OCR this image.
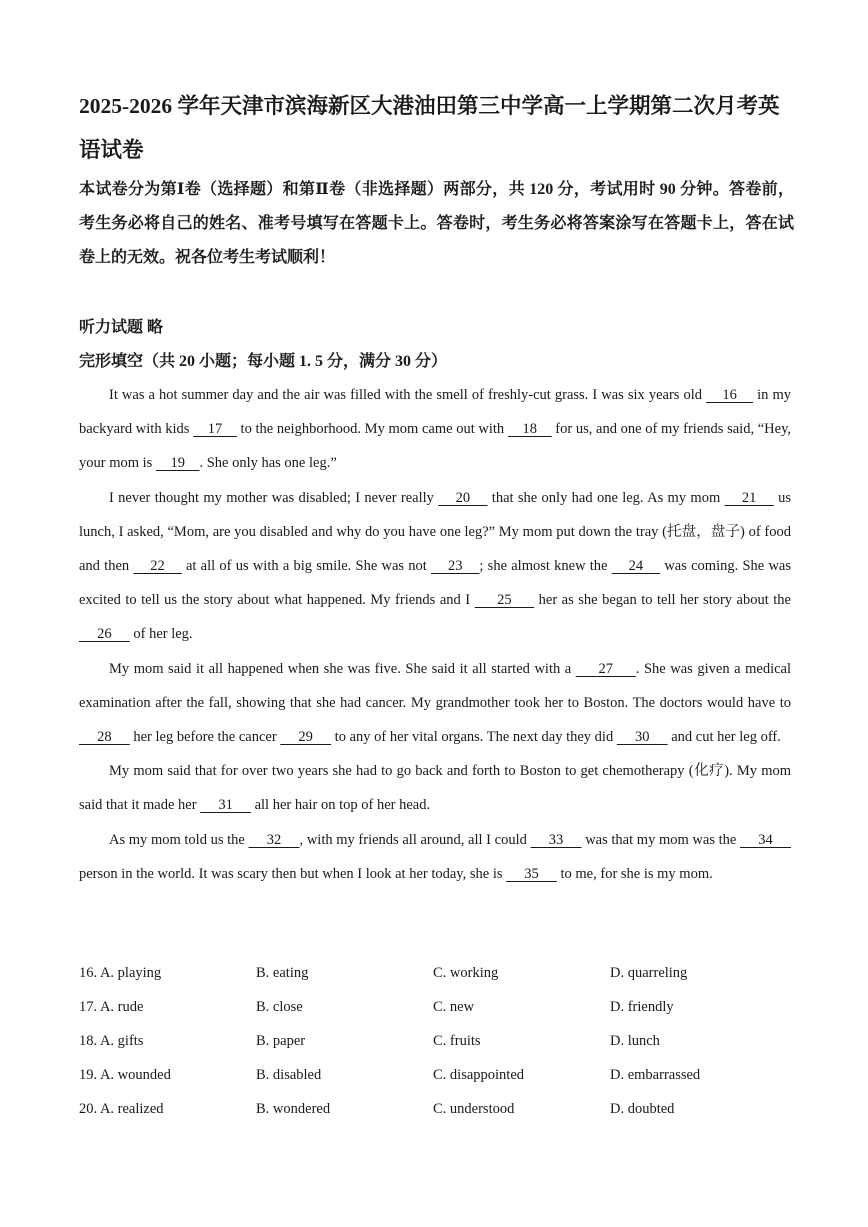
2025-2026 学年天津市滨海新区大港油田第三中学高一上学期第二次月考英语试卷

本试卷分为第Ⅰ卷（选择题）和第Ⅱ卷（非选择题）两部分，共 120 分，考试用时 90 分钟。答卷前，考生务必将自己的姓名、准考号填写在答题卡上。答卷时，考生务必将答案涂写在答题卡上，答在试卷上的无效。祝各位考生考试顺利！

听力试题 略

完形填空（共 20 小题；每小题 1. 5 分，满分 30 分）

It was a hot summer day and the air was filled with the smell of freshly-cut grass. I was six years old     16     in my backyard with kids     17     to the neighborhood. My mom came out with     18     for us, and one of my friends said, “Hey, your mom is     19    . She only has one leg.”

I never thought my mother was disabled; I never really     20     that she only had one leg. As my mom     21     us lunch, I asked, “Mom, are you disabled and why do you have one leg?” My mom put down the tray (托盘，盘子) of food and then     22     at all of us with a big smile. She was not     23    ; she almost knew the     24     was coming. She was excited to tell us the story about what happened. My friends and I      25      her as she began to tell her story about the      26      of her leg.

My mom said it all happened when she was five. She said it all started with a      27     . She was given a medical examination after the fall, showing that she had cancer. My grandmother took her to Boston. The doctors would have to      28      her leg before the cancer      29      to any of her vital organs. The next day they did      30      and cut her leg off.

My mom said that for over two years she had to go back and forth to Boston to get chemotherapy (化疗). My mom said that it made her      31      all her hair on top of her head.

As my mom told us the      32     , with my friends all around, all I could      33      was that my mom was the      34      person in the world. It was scary then but when I look at her today, she is      35      to me, for she is my mom.

16. A. playing	B. eating	C. working	D. quarreling
17. A. rude	B. close	C. new	D. friendly
18. A. gifts	B. paper	C. fruits	D. lunch
19. A. wounded	B. disabled	C. disappointed	D. embarrassed
20. A. realized	B. wondered	C. understood	D. doubted
